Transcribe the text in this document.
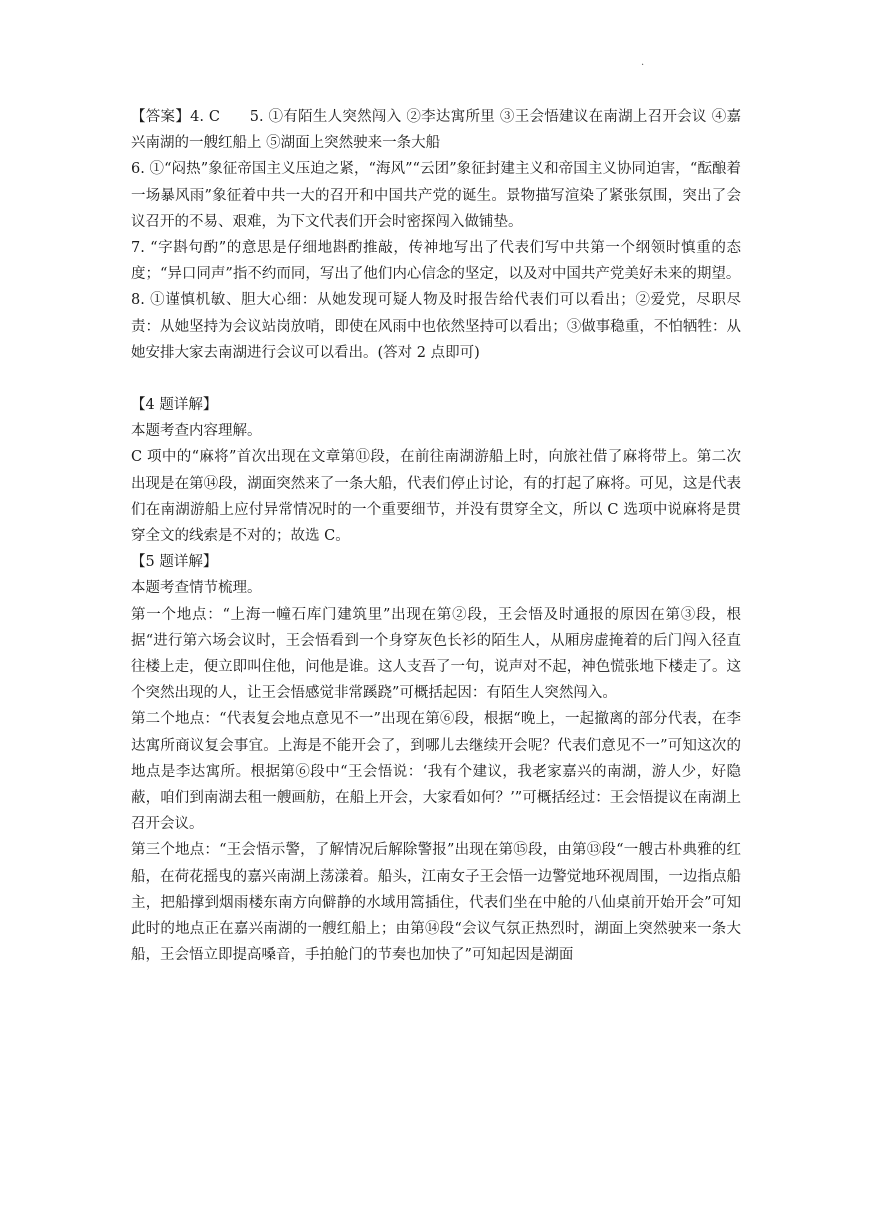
.

【答案】4. C　　5. ①有陌生人突然闯入 ②李达寓所里 ③王会悟建议在南湖上召开会议 ④嘉兴南湖的一艘红船上 ⑤湖面上突然驶来一条大船

6. ①“闷热”象征帝国主义压迫之紧，“海风”“云团”象征封建主义和帝国主义协同迫害，“酝酿着一场暴风雨”象征着中共一大的召开和中国共产党的诞生。景物描写渲染了紧张氛围，突出了会议召开的不易、艰难，为下文代表们开会时密探闯入做铺垫。

7. “字斟句酌”的意思是仔细地斟酌推敲，传神地写出了代表们写中共第一个纲领时慎重的态度；“异口同声”指不约而同，写出了他们内心信念的坚定，以及对中国共产党美好未来的期望。

8. ①谨慎机敏、胆大心细：从她发现可疑人物及时报告给代表们可以看出；②爱党，尽职尽责：从她坚持为会议站岗放哨，即使在风雨中也依然坚持可以看出；③做事稳重，不怕牺牲：从她安排大家去南湖进行会议可以看出。(答对 2 点即可)

【4 题详解】

本题考查内容理解。

C 项中的“麻将”首次出现在文章第⑪段，在前往南湖游船上时，向旅社借了麻将带上。第二次出现是在第⑭段，湖面突然来了一条大船，代表们停止讨论，有的打起了麻将。可见，这是代表们在南湖游船上应付异常情况时的一个重要细节，并没有贯穿全文，所以 C 选项中说麻将是贯穿全文的线索是不对的；故选 C。

【5 题详解】

本题考查情节梳理。

第一个地点：“上海一幢石库门建筑里”出现在第②段，王会悟及时通报的原因在第③段，根据“进行第六场会议时，王会悟看到一个身穿灰色长衫的陌生人，从厢房虚掩着的后门闯入径直往楼上走，便立即叫住他，问他是谁。这人支吾了一句，说声对不起，神色慌张地下楼走了。这个突然出现的人，让王会悟感觉非常蹊跷”可概括起因：有陌生人突然闯入。

第二个地点：“代表复会地点意见不一”出现在第⑥段，根据“晚上，一起撤离的部分代表，在李达寓所商议复会事宜。上海是不能开会了，到哪儿去继续开会呢？代表们意见不一”可知这次的地点是李达寓所。根据第⑥段中“王会悟说：‘我有个建议，我老家嘉兴的南湖，游人少，好隐蔽，咱们到南湖去租一艘画舫，在船上开会，大家看如何？’”可概括经过：王会悟提议在南湖上召开会议。

第三个地点：“王会悟示警，了解情况后解除警报”出现在第⑮段，由第⑬段“一艘古朴典雅的红船，在荷花摇曳的嘉兴南湖上荡漾着。船头，江南女子王会悟一边警觉地环视周围，一边指点船主，把船撑到烟雨楼东南方向僻静的水域用篙插住，代表们坐在中舱的八仙桌前开始开会”可知此时的地点正在嘉兴南湖的一艘红船上；由第⑭段“会议气氛正热烈时，湖面上突然驶来一条大船，王会悟立即提高嗓音，手拍舱门的节奏也加快了”可知起因是湖面
